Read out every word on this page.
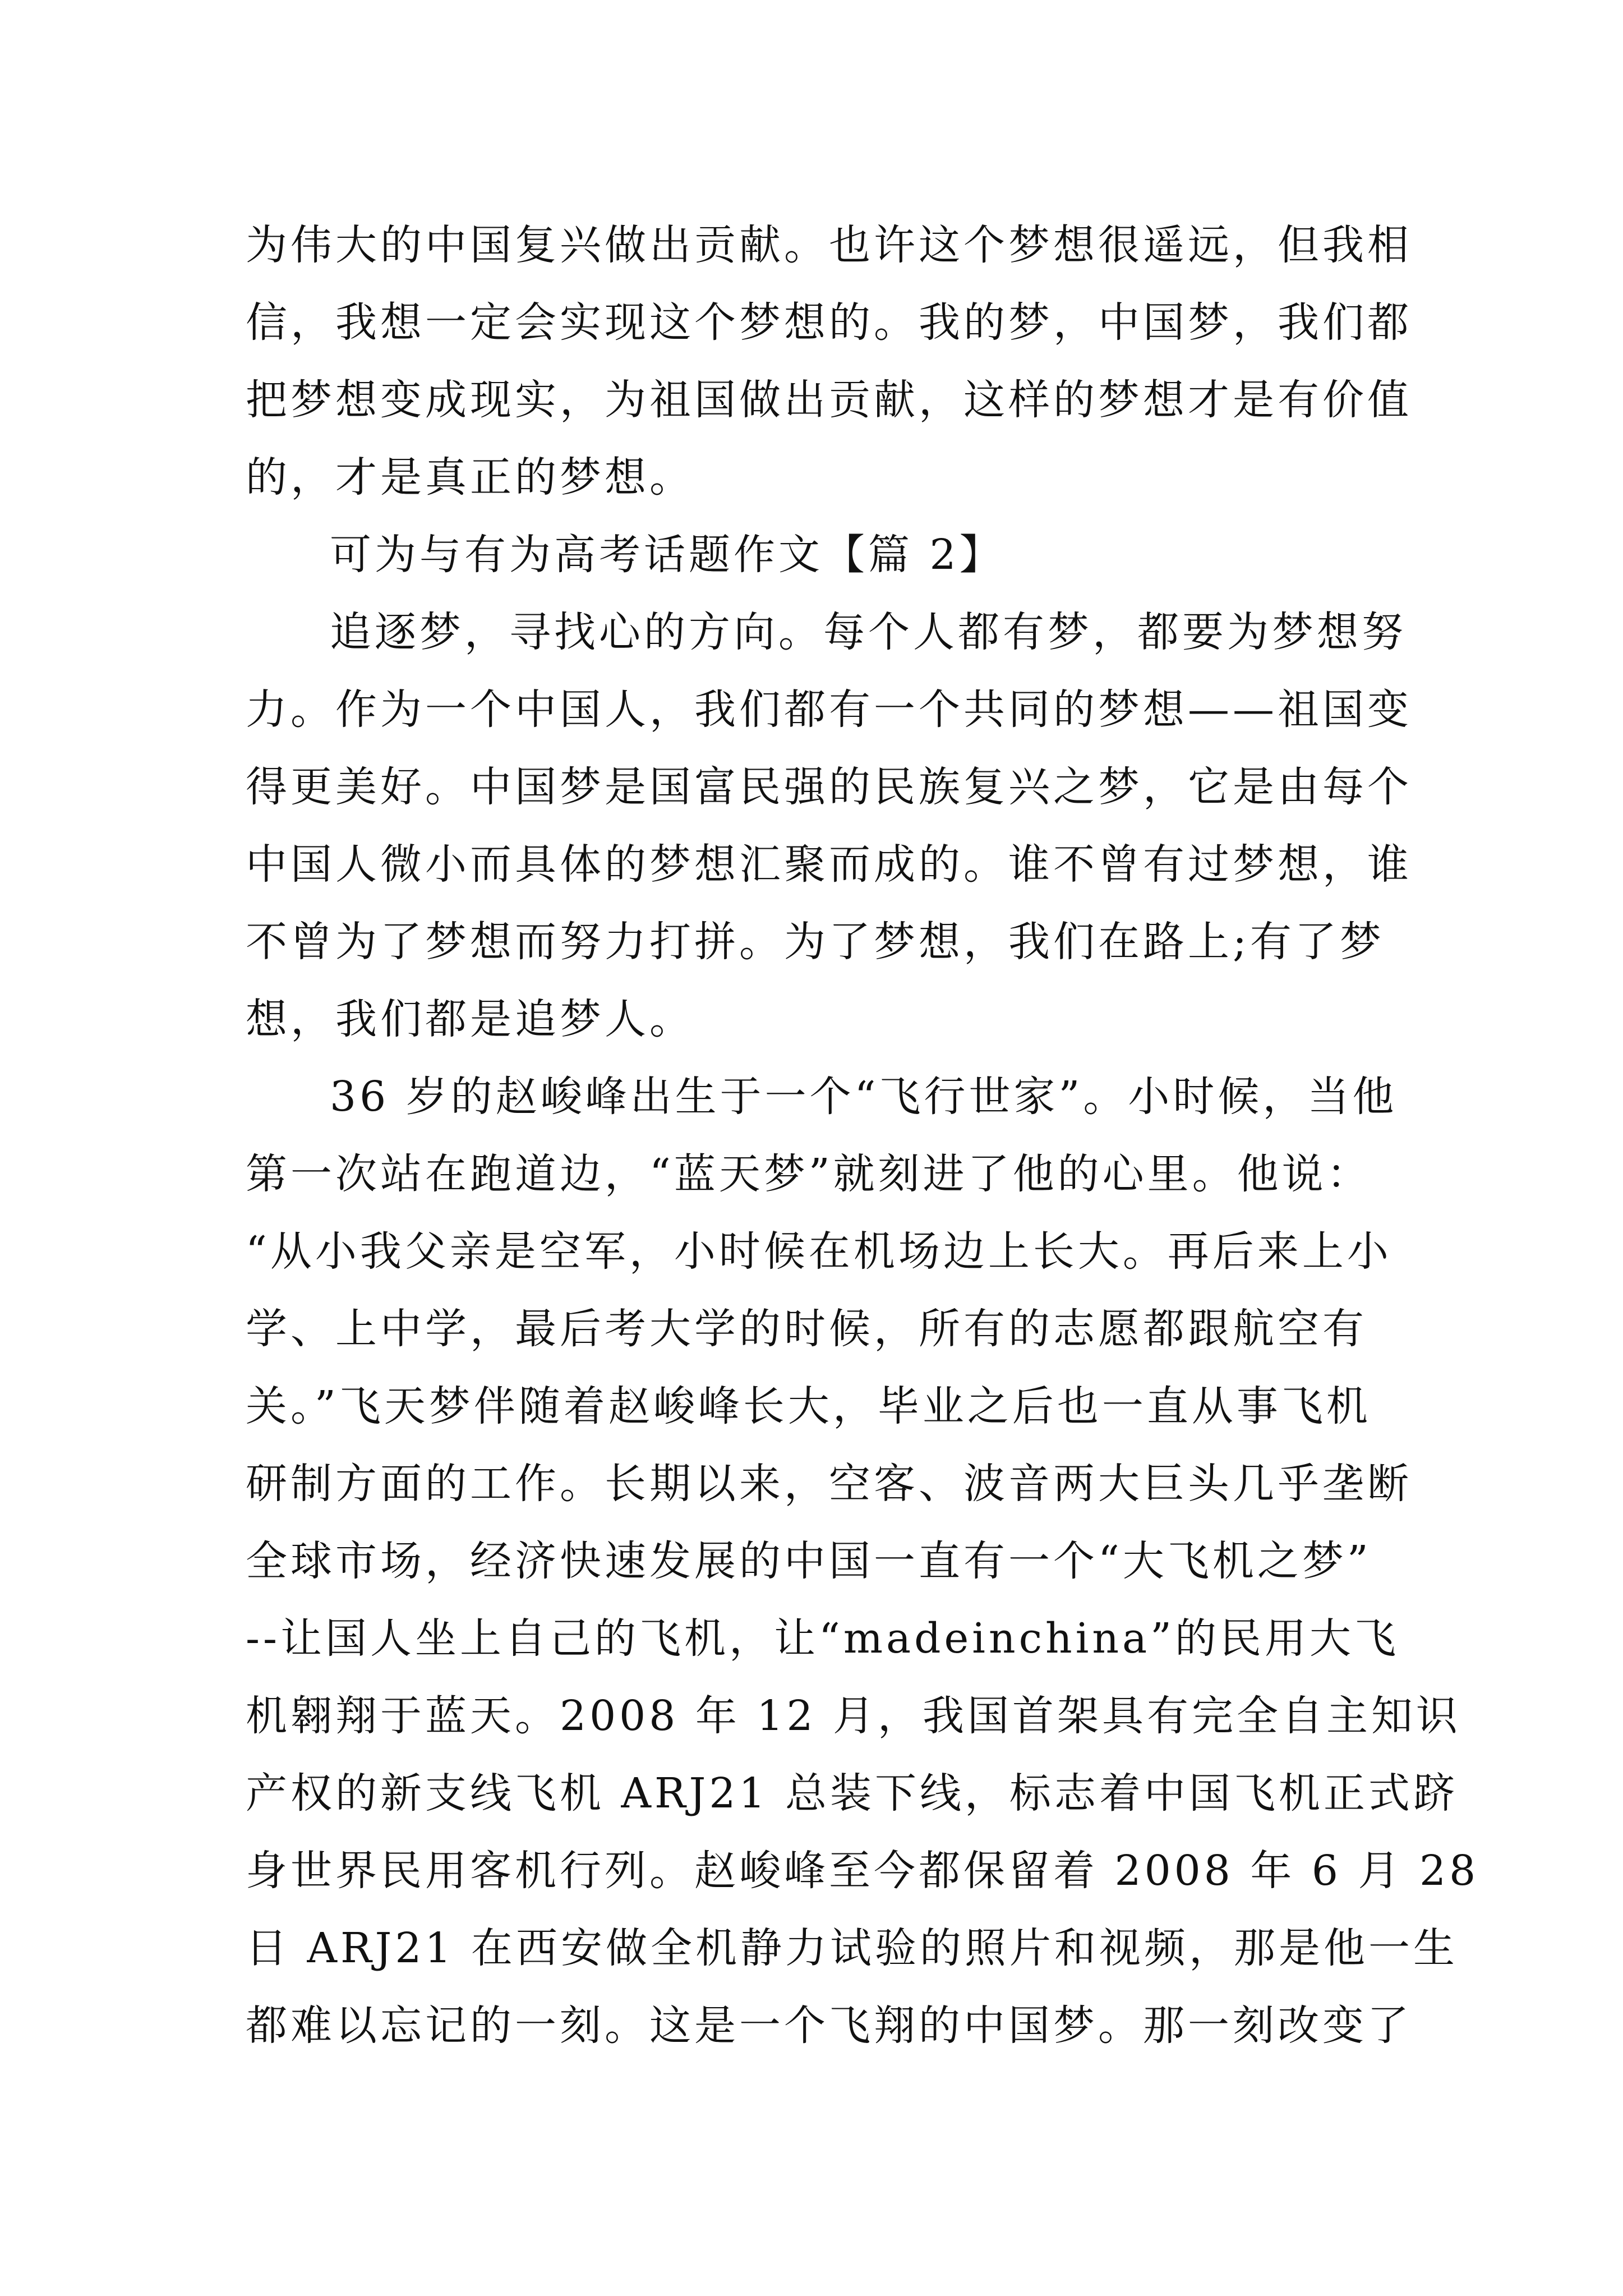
为伟大的中国复兴做出贡献。也许这个梦想很遥远，但我相
信，我想一定会实现这个梦想的。我的梦，中国梦，我们都
把梦想变成现实，为祖国做出贡献，这样的梦想才是有价值
的，才是真正的梦想。
可为与有为高考话题作文【篇 2】
追逐梦，寻找心的方向。每个人都有梦，都要为梦想努
力。作为一个中国人，我们都有一个共同的梦想——祖国变
得更美好。中国梦是国富民强的民族复兴之梦，它是由每个
中国人微小而具体的梦想汇聚而成的。谁不曾有过梦想，谁
不曾为了梦想而努力打拼。为了梦想，我们在路上;有了梦
想，我们都是追梦人。
36 岁的赵峻峰出生于一个“飞行世家”。小时候，当他
第一次站在跑道边，“蓝天梦”就刻进了他的心里。他说：
“从小我父亲是空军，小时候在机场边上长大。再后来上小
学、上中学，最后考大学的时候，所有的志愿都跟航空有
关。”飞天梦伴随着赵峻峰长大，毕业之后也一直从事飞机
研制方面的工作。长期以来，空客、波音两大巨头几乎垄断
全球市场，经济快速发展的中国一直有一个“大飞机之梦”
--让国人坐上自己的飞机，让“madeinchina”的民用大飞
机翱翔于蓝天。2008 年 12 月，我国首架具有完全自主知识
产权的新支线飞机 ARJ21 总装下线，标志着中国飞机正式跻
身世界民用客机行列。赵峻峰至今都保留着 2008 年 6 月 28
日 ARJ21 在西安做全机静力试验的照片和视频，那是他一生
都难以忘记的一刻。这是一个飞翔的中国梦。那一刻改变了
